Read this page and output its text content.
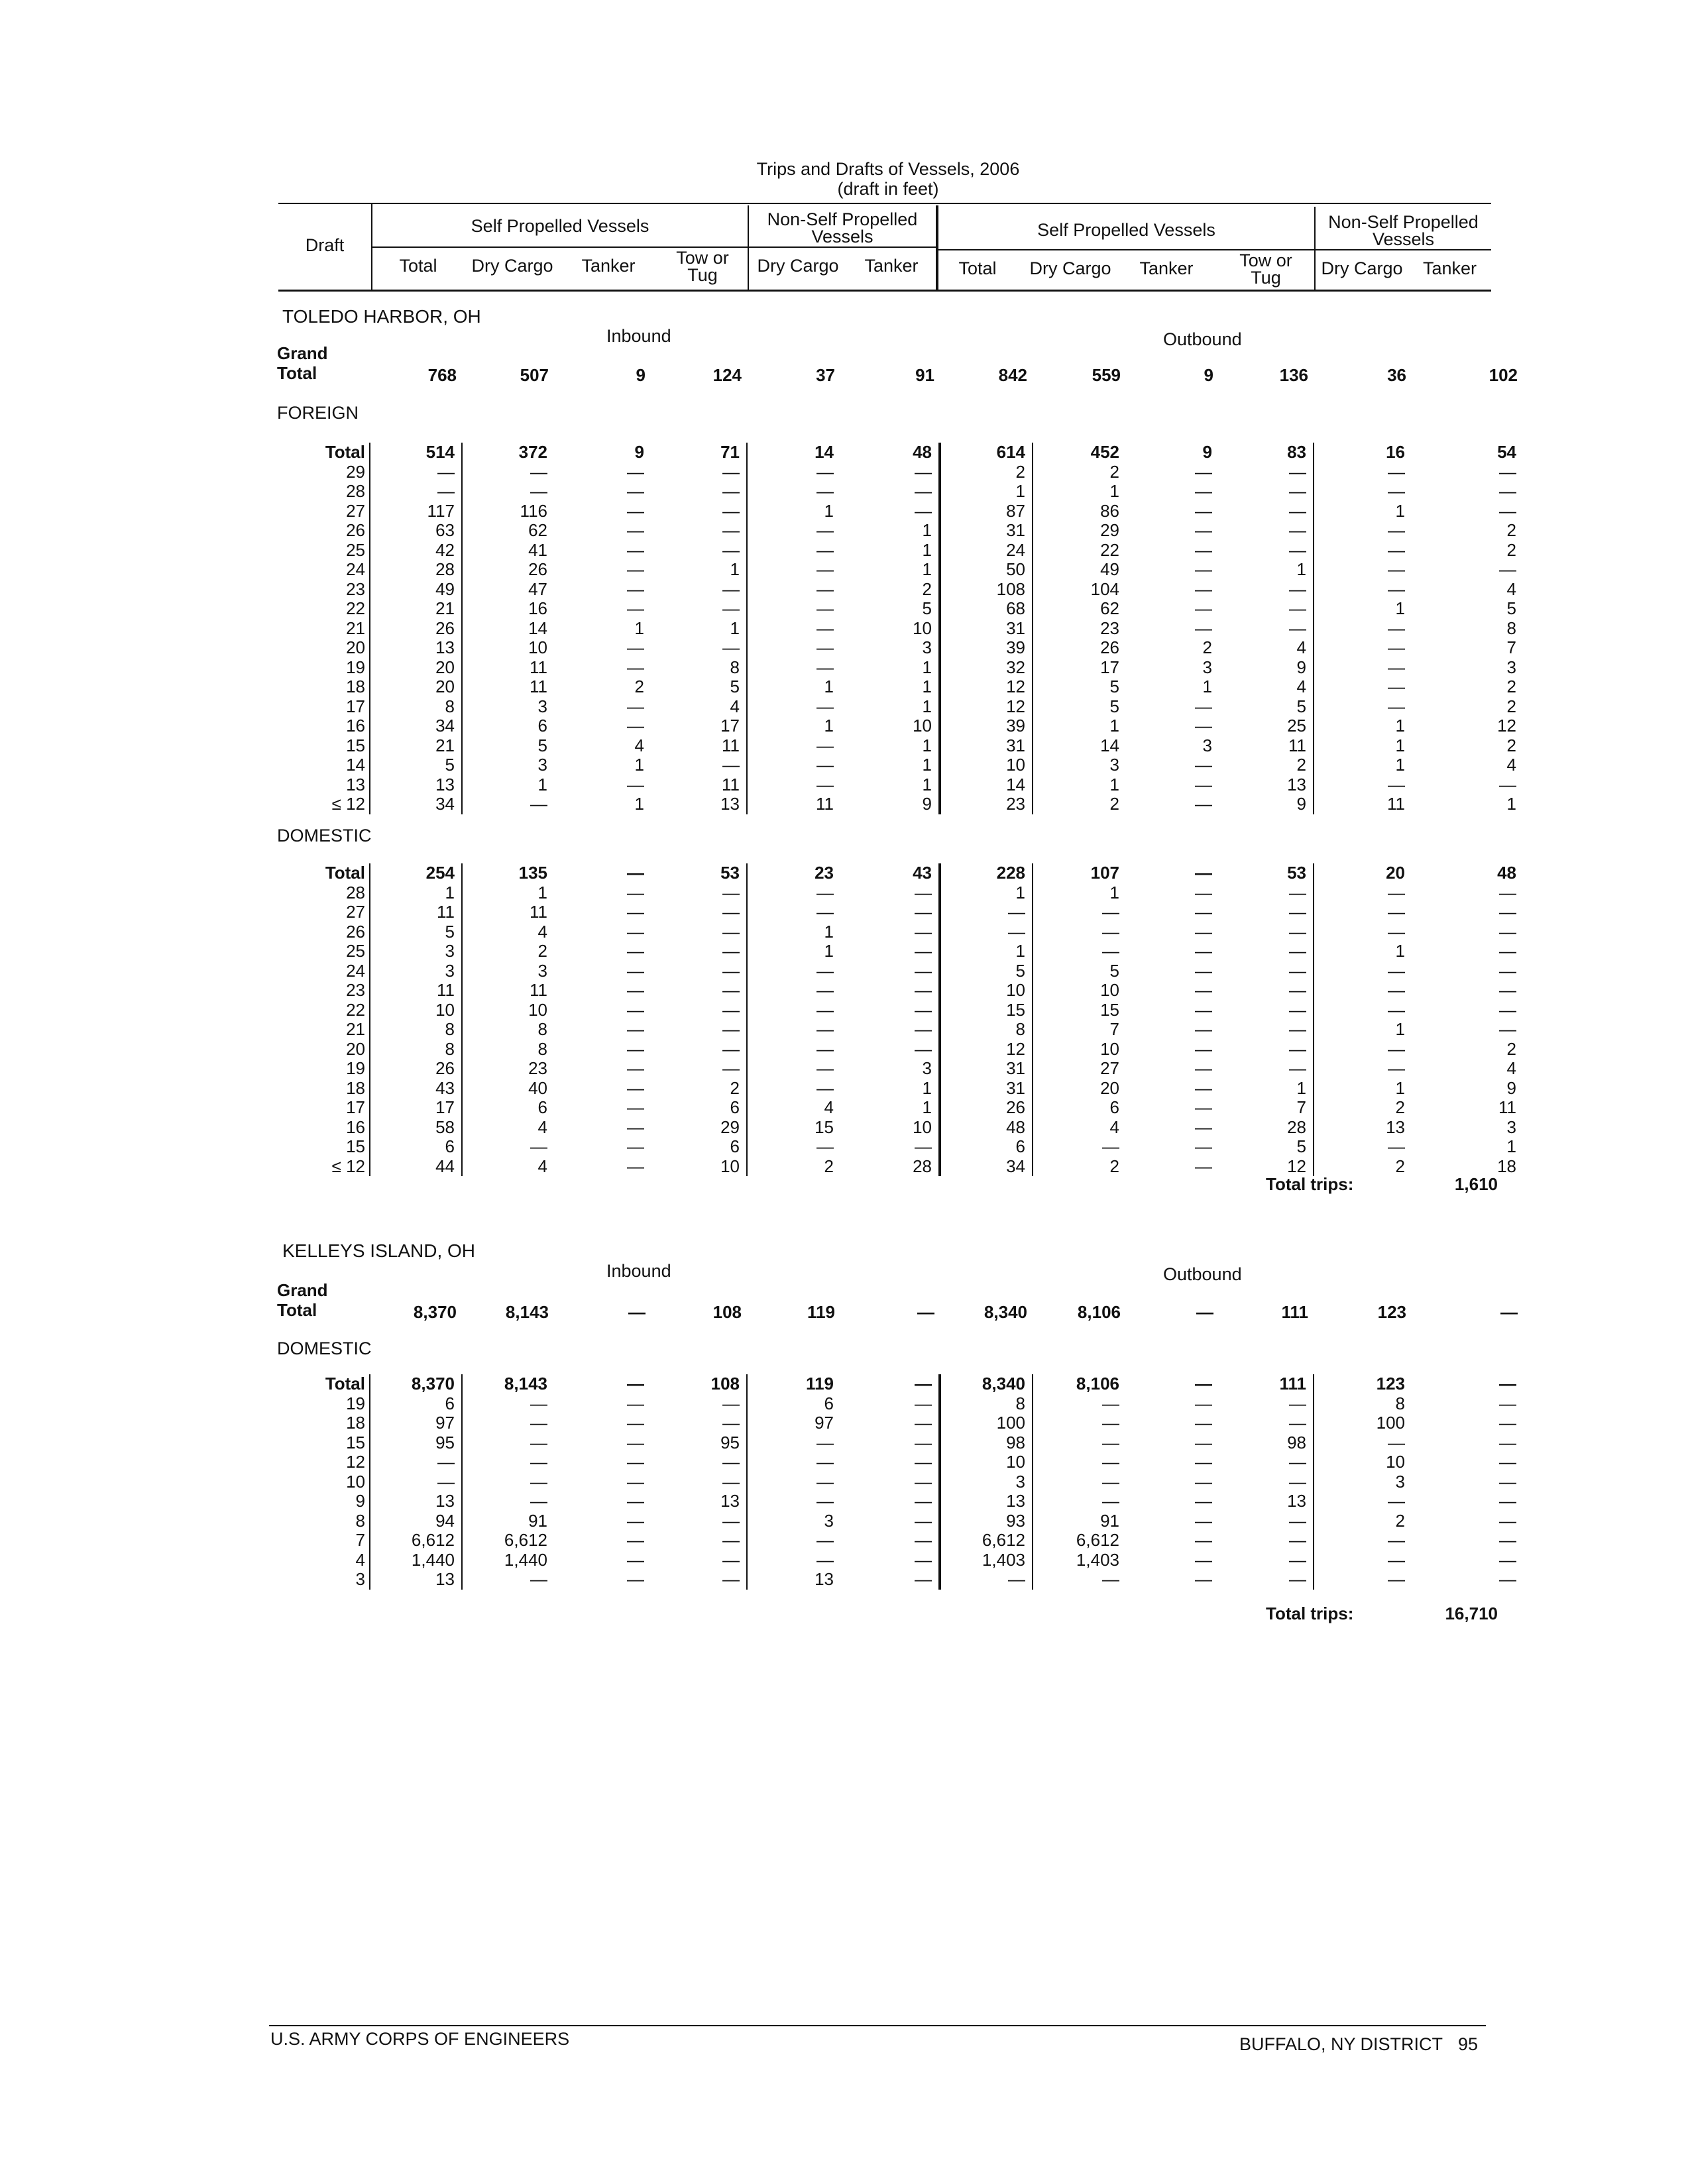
Trips and Drafts of Vessels, 2006
(draft in feet)
Draft
Self Propelled Vessels	Non-Self Propelled Vessels	Self Propelled Vessels	Non-Self Propelled Vessels
Total	Dry Cargo	Tanker	Tow or Tug	Dry Cargo	Tanker	Total	Dry Cargo	Tanker	Tow or Tug	Dry Cargo	Tanker
TOLEDO HARBOR, OH
Inbound	Outbound
Grand Total	768	507	9	124	37	91	842	559	9	136	36	102
FOREIGN
Total	514	372	9	71	14	48	614	452	9	83	16	54
29	—	—	—	—	—	—	2	2	—	—	—	—
28	—	—	—	—	—	—	1	1	—	—	—	—
27	117	116	—	—	1	—	87	86	—	—	1	—
26	63	62	—	—	—	1	31	29	—	—	—	2
25	42	41	—	—	—	1	24	22	—	—	—	2
24	28	26	—	1	—	1	50	49	—	1	—	—
23	49	47	—	—	—	2	108	104	—	—	—	4
22	21	16	—	—	—	5	68	62	—	—	1	5
21	26	14	1	1	—	10	31	23	—	—	—	8
20	13	10	—	—	—	3	39	26	2	4	—	7
19	20	11	—	8	—	1	32	17	3	9	—	3
18	20	11	2	5	1	1	12	5	1	4	—	2
17	8	3	—	4	—	1	12	5	—	5	—	2
16	34	6	—	17	1	10	39	1	—	25	1	12
15	21	5	4	11	—	1	31	14	3	11	1	2
14	5	3	1	—	—	1	10	3	—	2	1	4
13	13	1	—	11	—	1	14	1	—	13	—	—
≤ 12	34	—	1	13	11	9	23	2	—	9	11	1
DOMESTIC
Total	254	135	—	53	23	43	228	107	—	53	20	48
28	1	1	—	—	—	—	1	1	—	—	—	—
27	11	11	—	—	—	—	—	—	—	—	—	—
26	5	4	—	—	1	—	—	—	—	—	—	—
25	3	2	—	—	1	—	1	—	—	—	1	—
24	3	3	—	—	—	—	5	5	—	—	—	—
23	11	11	—	—	—	—	10	10	—	—	—	—
22	10	10	—	—	—	—	15	15	—	—	—	—
21	8	8	—	—	—	—	8	7	—	—	1	—
20	8	8	—	—	—	—	12	10	—	—	—	2
19	26	23	—	—	—	3	31	27	—	—	—	4
18	43	40	—	2	—	1	31	20	—	1	1	9
17	17	6	—	6	4	1	26	6	—	7	2	11
16	58	4	—	29	15	10	48	4	—	28	13	3
15	6	—	—	6	—	—	6	—	—	5	—	1
≤ 12	44	4	—	10	2	28	34	2	—	12	2	18
Total trips:	1,610
KELLEYS ISLAND, OH
Inbound	Outbound
Grand Total	8,370	8,143	—	108	119	—	8,340	8,106	—	111	123	—
DOMESTIC
Total	8,370	8,143	—	108	119	—	8,340	8,106	—	111	123	—
19	6	—	—	—	6	—	8	—	—	—	8	—
18	97	—	—	—	97	—	100	—	—	—	100	—
15	95	—	—	95	—	—	98	—	—	98	—	—
12	—	—	—	—	—	—	10	—	—	—	10	—
10	—	—	—	—	—	—	3	—	—	—	3	—
9	13	—	—	13	—	—	13	—	—	13	—	—
8	94	91	—	—	3	—	93	91	—	—	2	—
7	6,612	6,612	—	—	—	—	6,612	6,612	—	—	—	—
4	1,440	1,440	—	—	—	—	1,403	1,403	—	—	—	—
3	13	—	—	—	13	—	—	—	—	—	—	—
Total trips:	16,710
U.S. ARMY CORPS OF ENGINEERS	BUFFALO, NY DISTRICT 95
